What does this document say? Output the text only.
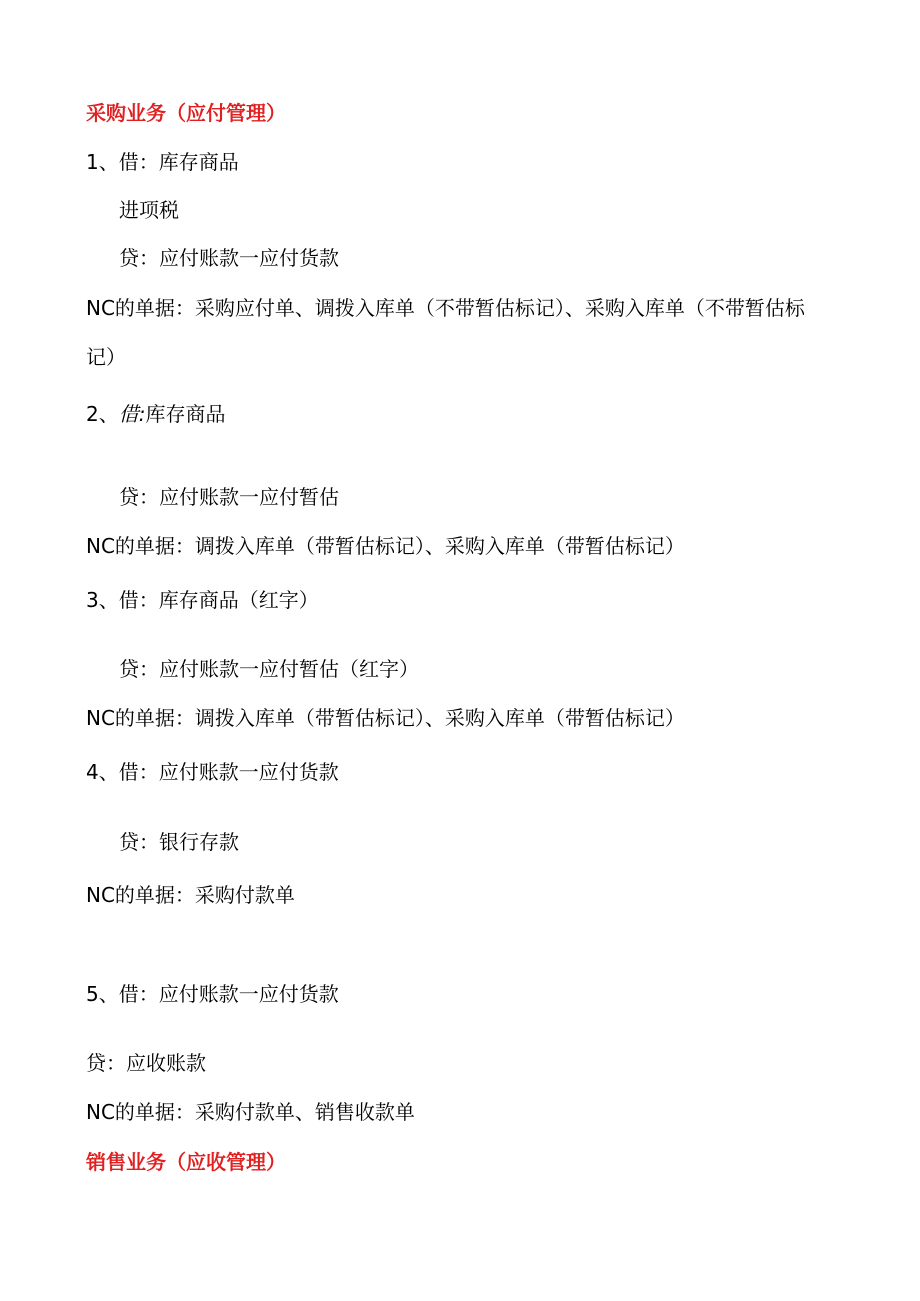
采购业务（应付管理）
1、借：库存商品
进项税
贷：应付账款一应付货款
NC的单据：采购应付单、调拨入库单（不带暂估标记）、采购入库单（不带暂估标记）
2、借:库存商品
贷：应付账款一应付暂估
NC的单据：调拨入库单（带暂估标记）、采购入库单（带暂估标记）
3、借：库存商品（红字）
贷：应付账款一应付暂估（红字）
NC的单据：调拨入库单（带暂估标记）、采购入库单（带暂估标记）
4、借：应付账款一应付货款
贷：银行存款
NC的单据：采购付款单
5、借：应付账款一应付货款
贷：应收账款
NC的单据：采购付款单、销售收款单
销售业务（应收管理）
